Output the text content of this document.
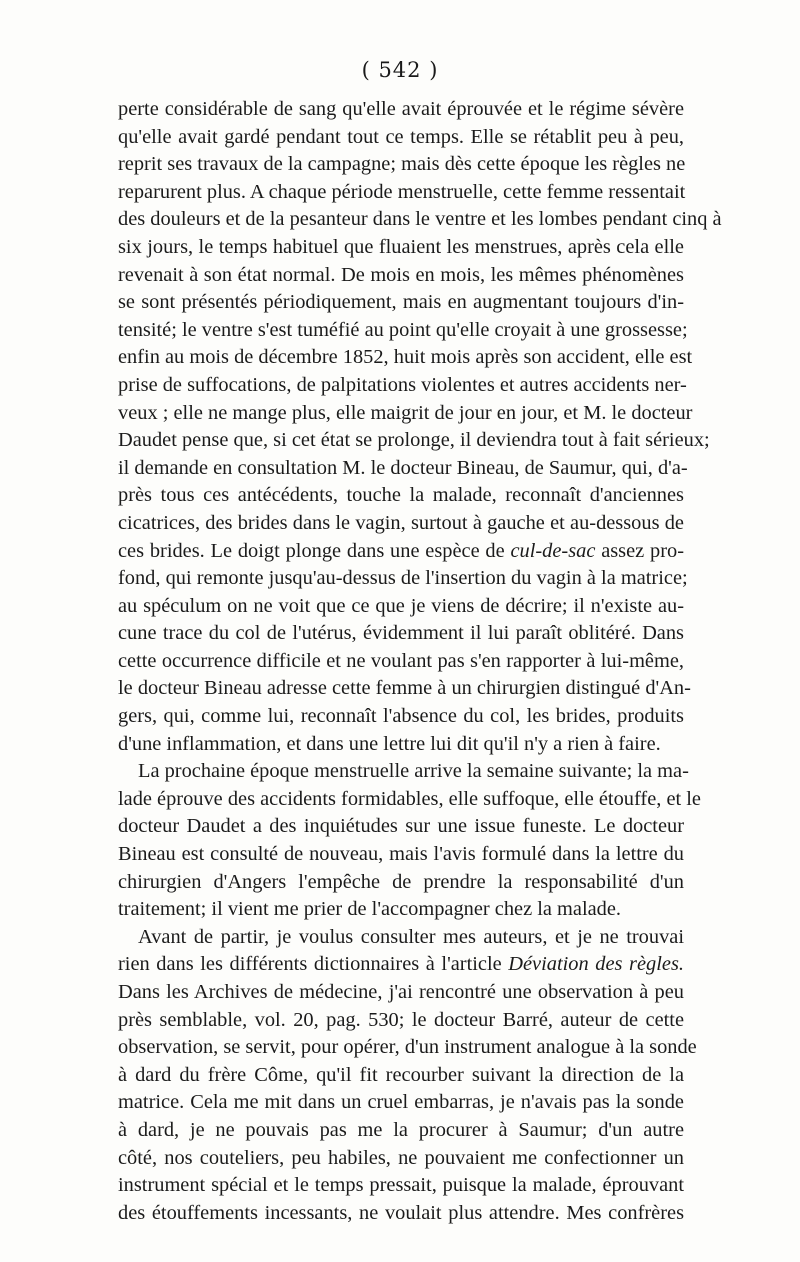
( 542 )
perte considérable de sang qu'elle avait éprouvée et le régime sévère
qu'elle avait gardé pendant tout ce temps. Elle se rétablit peu à peu,
reprit ses travaux de la campagne; mais dès cette époque les règles ne
reparurent plus. A chaque période menstruelle, cette femme ressentait
des douleurs et de la pesanteur dans le ventre et les lombes pendant cinq à
six jours, le temps habituel que fluaient les menstrues, après cela elle
revenait à son état normal. De mois en mois, les mêmes phénomènes
se sont présentés périodiquement, mais en augmentant toujours d'in-
tensité; le ventre s'est tuméfié au point qu'elle croyait à une grossesse;
enfin au mois de décembre 1852, huit mois après son accident, elle est
prise de suffocations, de palpitations violentes et autres accidents ner-
veux ; elle ne mange plus, elle maigrit de jour en jour, et M. le docteur
Daudet pense que, si cet état se prolonge, il deviendra tout à fait sérieux;
il demande en consultation M. le docteur Bineau, de Saumur, qui, d'a-
près tous ces antécédents, touche la malade, reconnaît d'anciennes
cicatrices, des brides dans le vagin, surtout à gauche et au-dessous de
ces brides. Le doigt plonge dans une espèce de cul-de-sac assez pro-
fond, qui remonte jusqu'au-dessus de l'insertion du vagin à la matrice;
au spéculum on ne voit que ce que je viens de décrire; il n'existe au-
cune trace du col de l'utérus, évidemment il lui paraît oblitéré. Dans
cette occurrence difficile et ne voulant pas s'en rapporter à lui-même,
le docteur Bineau adresse cette femme à un chirurgien distingué d'An-
gers, qui, comme lui, reconnaît l'absence du col, les brides, produits
d'une inflammation, et dans une lettre lui dit qu'il n'y a rien à faire.
La prochaine époque menstruelle arrive la semaine suivante; la ma-
lade éprouve des accidents formidables, elle suffoque, elle étouffe, et le
docteur Daudet a des inquiétudes sur une issue funeste. Le docteur
Bineau est consulté de nouveau, mais l'avis formulé dans la lettre du
chirurgien d'Angers l'empêche de prendre la responsabilité d'un
traitement; il vient me prier de l'accompagner chez la malade.
Avant de partir, je voulus consulter mes auteurs, et je ne trouvai
rien dans les différents dictionnaires à l'article Déviation des règles.
Dans les Archives de médecine, j'ai rencontré une observation à peu
près semblable, vol. 20, pag. 530; le docteur Barré, auteur de cette
observation, se servit, pour opérer, d'un instrument analogue à la sonde
à dard du frère Côme, qu'il fit recourber suivant la direction de la
matrice. Cela me mit dans un cruel embarras, je n'avais pas la sonde
à dard, je ne pouvais pas me la procurer à Saumur; d'un autre
côté, nos couteliers, peu habiles, ne pouvaient me confectionner un
instrument spécial et le temps pressait, puisque la malade, éprouvant
des étouffements incessants, ne voulait plus attendre. Mes confrères
